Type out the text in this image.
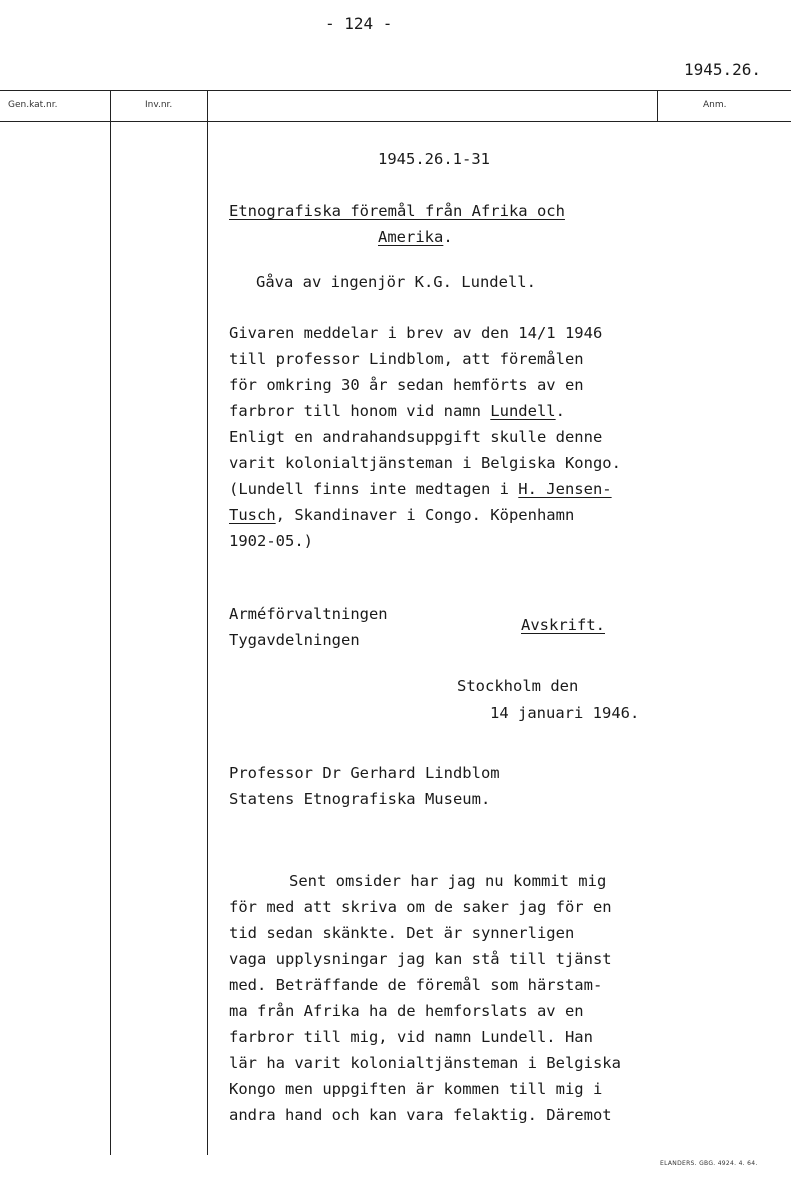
- 124 -
1945.26.
Gen.kat.nr.	Inv.nr.	Anm.
1945.26.1-31
Etnografiska föremål från Afrika och
Amerika.
Gåva av ingenjör K.G. Lundell.
Givaren meddelar i brev av den 14/1 1946
till professor Lindblom, att föremålen
för omkring 30 år sedan hemförts av en
farbror till honom vid namn Lundell.
Enligt en andrahandsuppgift skulle denne
varit kolonialtjänsteman i Belgiska Kongo.
(Lundell finns inte medtagen i H. Jensen-
Tusch, Skandinaver i Congo. Köpenhamn
1902-05.)
Arméförvaltningen
Tygavdelningen
Avskrift.
Stockholm den
14 januari 1946.
Professor Dr Gerhard Lindblom
Statens Etnografiska Museum.
Sent omsider har jag nu kommit mig
för med att skriva om de saker jag för en
tid sedan skänkte. Det är synnerligen
vaga upplysningar jag kan stå till tjänst
med. Beträffande de föremål som härstam-
ma från Afrika ha de hemforslats av en
farbror till mig, vid namn Lundell. Han
lär ha varit kolonialtjänsteman i Belgiska
Kongo men uppgiften är kommen till mig i
andra hand och kan vara felaktig. Däremot
ELANDERS. GBG. 4924. 4. 64.
